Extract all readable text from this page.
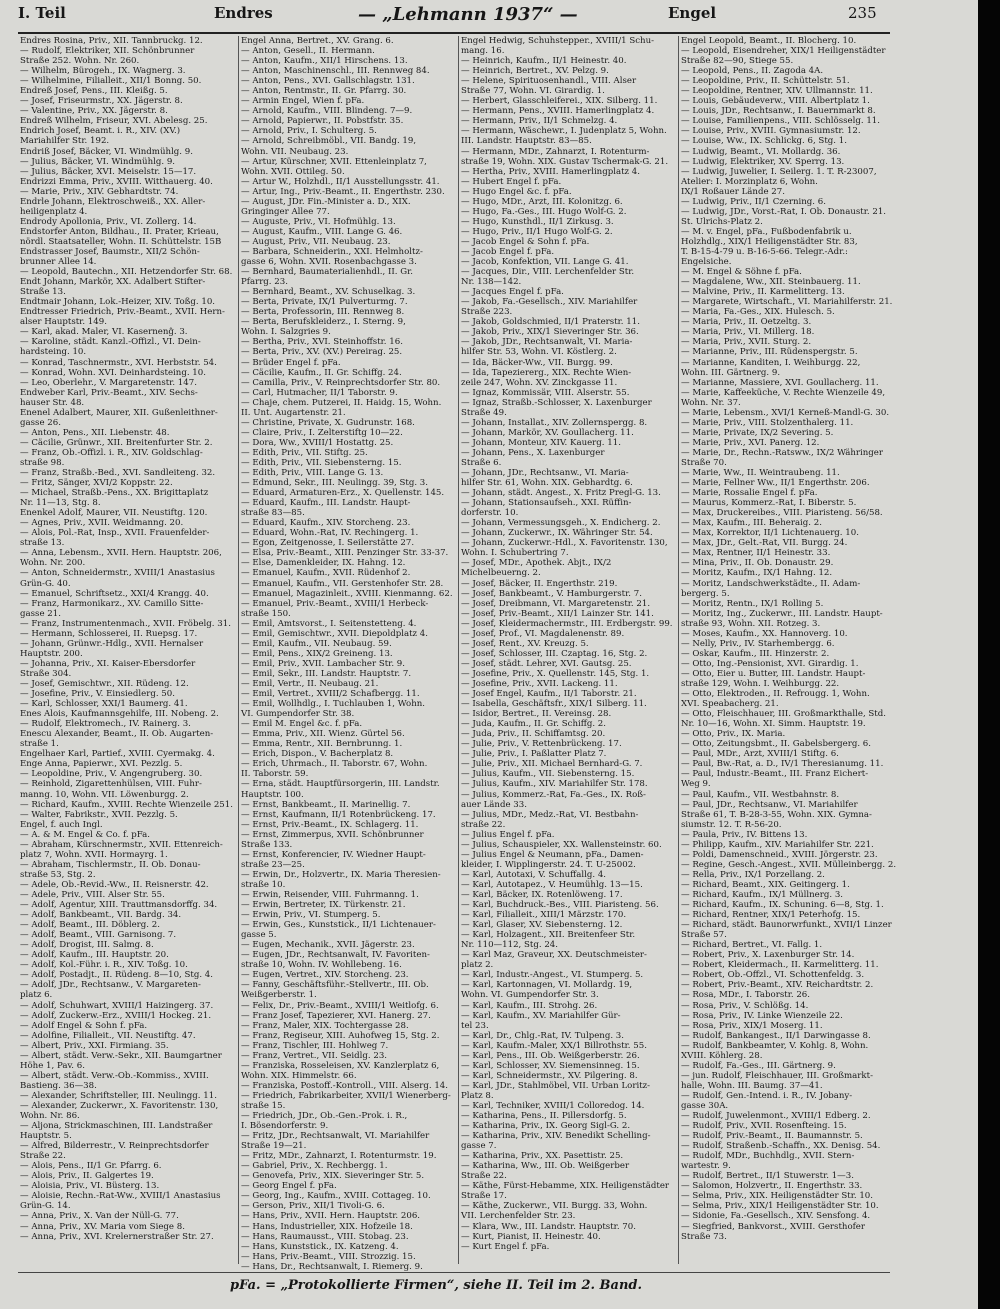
I. Teil	Endres	— „Lehmann 1937“ —	Engel	235
Endres Rosina, Priv., XII. Tannbruckg. 12.
— Rudolf, Elektriker, XII. Schönbrunner
Straße 252. Wohn. Nr. 260.
— Wilhelm, Bürogeh., IX. Wagnerg. 3.
— Wilhelmine, Filialleit., XII/1 Bonng. 50.
Endreß Josef, Pens., III. Kleißg. 5.
— Josef, Friseurmstr., XX. Jägerstr. 8.
— Valentine, Priv., XX. Jägerstr. 8.
Endreß Wilhelm, Friseur, XVI. Abelesg. 25.
Endrich Josef, Beamt. i. R., XIV. (XV.)
Mariahilfer Str. 192.
Endriß Josef, Bäcker, VI. Windmühlg. 9.
— Julius, Bäcker, VI. Windmühlg. 9.
— Julius, Bäcker, XVI. Meiselstr. 15—17.
Endrizzi Emma, Priv., XVIII. Witthauerg. 40.
— Marie, Priv., XIV. Gebhardtstr. 74.
Endrle Johann, Elektroschweiß., XX. Aller-
heiligenplatz 4.
Endrody Apollonia, Priv., VI. Zollerg. 14.
Endstorfer Anton, Bildhau., II. Prater, Krieau,
nördl. Staatsateller, Wohn. II. Schüttelstr. 15B
Endstrasser Josef, Baumstr., XII/2 Schön-
brunner Allee 14.
— Leopold, Bautechn., XII. Hetzendorfer Str. 68.
Endt Johann, Markör, XX. Adalbert Stifter-
Straße 13.
Endtmair Johann, Lok.-Heizer, XIV. Toßg. 10.
Endtresser Friedrich, Priv.-Beamt., XVII. Hern-
alser Hauptstr. 149.
— Karl, akad. Maler, VI. Kasernenĝ. 3.
— Karoline, städt. Kanzl.-Offizl., VI. Dein-
hardsteing. 10.
— Konrad, Taschnermstr., XVI. Herbststr. 54.
— Konrad, Wohn. XVI. Deinhardsteing. 10.
— Leo, Oberlehr., V. Margaretenstr. 147.
Endweber Karl, Priv.-Beamt., XIV. Sechs-
hauser Str. 48.
Enenel Adalbert, Maurer, XII. Gußenleithner-
gasse 26.
— Anton, Pens., XII. Liebenstr. 48.
— Cäcilie, Grünwr., XII. Breitenfurter Str. 2.
— Franz, Ob.-Offizl. i. R., XIV. Goldschlag-
straße 98.
— Franz, Straßb.-Bed., XVI. Sandleiteng. 32.
— Fritz, Sänger, XVI/2 Koppstr. 22.
— Michael, Straßb.-Pens., XX. Brigittaplatz
Nr. 11—13, Stg. 8.
Enenkel Adolf, Maurer, VII. Neustiftg. 120.
— Agnes, Priv., XVII. Weidmanng. 20.
— Alois, Pol.-Rat, Insp., XVII. Frauenfelder-
straße 13.
— Anna, Lebensm., XVII. Hern. Hauptstr. 206,
Wohn. Nr. 200.
— Anton, Schneidermstr., XVIII/1 Anastasius
Grün-G. 40.
— Emanuel, Schriftsetz., XXI/4 Krangg. 40.
— Franz, Harmonikarz., XV. Camillo Sitte-
gasse 21.
— Franz, Instrumentenmach., XVII. Fröbelg. 31.
— Hermann, Schlosserei, II. Ruepsg. 17.
— Johann, Grünwr.-Hdlg., XVII. Hernalser
Hauptstr. 200.
— Johanna, Priv., XI. Kaiser-Ebersdorfer
Straße 304.
— Josef, Gemischtwr., XII. Rüdeng. 12.
— Josefine, Priv., V. Einsiedlerg. 50.
— Karl, Schlosser, XXI/1 Baumerg. 41.
Enes Alois, Kaufmannsgehilfe, III. Nobeng. 2.
— Rudolf, Elektromech., IV. Rainerg. 3.
Enescu Alexander, Beamt., II. Ob. Augarten-
straße 1.
Engelhaer Karl, Partief., XVIII. Cyermakg. 4.
Enge Anna, Papierwr., XVI. Pezzlg. 5.
— Leopoldine, Priv., V. Angengruberg. 30.
— Reinhold, Zigarettenhülsen, VIII. Fuhr-
manng. 10, Wohn. VII. Löwenburgg. 2.
— Richard, Kaufm., XVIII. Rechte Wienzeile 251.
— Walter, Fabrikstr., XVII. Pezzlg. 5.
Engel, f. auch Ingl.
— A. & M. Engel & Co. f. pFa.
— Abraham, Kürschnermstr., XVII. Ettenreich-
platz 7, Wohn. XVII. Hormayrg. 1.
— Abraham, Tischlermstr., II. Ob. Donau-
straße 53, Stg. 2.
— Adele, Ob.-Revid.-Ww., II. Reisnerstr. 42.
— Adele, Priv., VIII. Alser Str. 55.
— Adolf, Agentur, XIII. Trauttmansdorffg. 34.
— Adolf, Bankbeamt., VII. Bardg. 34.
— Adolf, Beamt., III. Döblerg. 2.
— Adolf, Beamt., VIII. Garnisong. 7.
— Adolf, Drogist, III. Salmg. 8.
— Adolf, Kaufm., III. Hauptstr. 20.
— Adolf, Kol.-Führ. i. R., XIV. Toßg. 10.
— Adolf, Postadjt., II. Rüdeng. 8—10, Stg. 4.
— Adolf, JDr., Rechtsanw., V. Margareten-
platz 6.
— Adolf, Schuhwart, XVIII/1 Haizingerg. 37.
— Adolf, Zuckerw.-Erz., XVIII/1 Hockeg. 21.
— Adolf Engel & Sohn f. pFa.
— Adolfine, Filialleit., VII. Neustiftg. 47.
— Albert, Priv., XXI. Firmiang. 35.
— Albert, städt. Verw.-Sekr., XII. Baumgartner
Höhe 1, Pav. 6.
— Albert, städt. Verw.-Ob.-Kommiss., XVIII.
Bastieng. 36—38.
— Alexander, Schriftsteller, III. Neulingg. 11.
— Alexander, Zuckerwr., X. Favoritenstr. 130,
Wohn. Nr. 86.
— Aljona, Strickmaschinen, III. Landstraßer
Hauptstr. 5.
— Alfred, Bilderrestr., V. Reinprechtsdorfer
Straße 22.
— Alois, Pens., II/1 Gr. Pfarrg. 6.
— Alois, Priv., II. Galgertes 19.
— Aloisia, Priv., VI. Büsterg. 13.
— Aloisie, Rechn.-Rat-Ww., XVIII/1 Anastasius
Grün-G. 14.
— Anna, Priv., X. Van der Nüll-G. 77.
— Anna, Priv., XV. Maria vom Siege 8.
— Anna, Priv., XVI. Krelernerstraßer Str. 27.
Engel Anna, Bertret., XV. Grang. 6.
— Anton, Gesell., II. Hermann.
— Anton, Kaufm., XII/1 Hirschens. 13.
— Anton, Maschinenschl., III. Rennweg 84.
— Anton, Pens., XVI. Gallschlagstr. 131.
— Anton, Rentmstr., II. Gr. Pfarrg. 30.
— Armin Engel, Wien f. pFa.
— Arnold, Kaufm., VIII. Blindeng. 7—9.
— Arnold, Papierwr., II. Pobstfstr. 35.
— Arnold, Priv., I. Schulterg. 5.
— Arnold, Schreibmöbl., VII. Bandg. 19,
Wohn. VII. Neubaug. 23.
— Artur, Kürschner, XVII. Ettenleinplatz 7,
Wohn. XVII. Ottileg. 50.
— Artur W., Holzhdl., II/1 Ausstellungsstr. 41.
— Artur, Ing., Priv.-Beamt., II. Engerthstr. 230.
— August, JDr. Fin.-Minister a. D., XIX.
Gringinger Allee 77.
— Auguste, Priv., VI. Hofmühlg. 13.
— August, Kaufm., VIII. Lange G. 46.
— August, Priv., VII. Neubaug. 23.
— Barbara, Schneiderin., XXI. Helmholtz-
gasse 6, Wohn. XVII. Rosenbachgasse 3.
— Bernhard, Baumaterialienhdl., II. Gr.
Pfarrg. 23.
— Bernhard, Beamt., XV. Schuselkag. 3.
— Berta, Private, IX/1 Pulverturmg. 7.
— Berta, Professorin, III. Rennweg 8.
— Berta, Berufskleiderz., I. Sterng. 9,
Wohn. I. Salzgries 9.
— Bertha, Priv., XVI. Steinhoffstr. 16.
— Berta, Priv., XV. (XV.) Pereirag. 25.
— Brüder Engel f. pFa.
— Cäcilie, Kaufm., II. Gr. Schiffg. 24.
— Camilla, Priv., V. Reinprechtsdorfer Str. 80.
— Carl, Hutmacher, II/1 Taborstr. 9.
— Chaje, chem. Putzerei, II. Haidg. 15, Wohn.
II. Unt. Augartenstr. 21.
— Christine, Private, X. Gudrunstr. 168.
— Claire, Priv., I. Zelterstiftg 10—22.
— Dora, Ww., XVIII/1 Hostattg. 25.
— Edith, Priv., VII. Stiftg. 25.
— Edith, Priv., VII. Siebensterng. 15.
— Edith, Priv., VIII. Lange G. 13.
— Edmund, Sekr., III. Neulingg. 39, Stg. 3.
— Eduard, Armaturen-Erz., X. Quellenstr. 145.
— Eduard, Kaufm., III. Landstr. Haupt-
straße 83—85.
— Eduard, Kaufm., XIV. Storcheng. 23.
— Eduard, Wohn.-Rat, IV. Rechingerg. 1.
— Egon, Zeitgenosse, I. Seilerstätte 27.
— Elsa, Priv.-Beamt., XIII. Penzinger Str. 33-37.
— Else, Damenkleider, IX. Hahng. 12.
— Emanuel, Kaufm., XVII. Rüdenhof 2.
— Emanuel, Kaufm., VII. Gerstenhofer Str. 28.
— Emanuel, Magazinleit., XVIII. Kienmanng. 62.
— Emanuel, Priv.-Beamt., XVIII/1 Herbeck-
straße 150.
— Emil, Amtsvorst., I. Seitenstetteng. 4.
— Emil, Gemischtwr., XVII. Diepoldplatz 4.
— Emil, Kaufm., VII. Neubaug. 59.
— Emil, Pens., XIX/2 Greineng. 13.
— Emil, Priv., XVII. Lambacher Str. 9.
— Emil, Sekr., III. Landstr. Hauptstr. 7.
— Emil, Vertr., II. Neubaug. 21.
— Emil, Vertret., XVIII/2 Schafbergg. 11.
— Emil, Wollhdlg., I. Tuchlauben 1, Wohn.
VI. Gumpendorfer Str. 38.
— Emil M. Engel &c. f. pFa.
— Emma, Priv., XII. Wienz. Gürtel 56.
— Emma, Rentr., XII. Bernbrunng. 1.
— Erich, Dispon., V. Bacherplatz 8.
— Erich, Uhrmach., II. Taborstr. 67, Wohn.
II. Taborstr. 59.
— Erna, städt. Hauptfürsorgerin, III. Landstr.
Hauptstr. 100.
— Ernst, Bankbeamt., II. Marinellig. 7.
— Ernst, Kaufmann, II/1 Rotenbrückeng. 17.
— Ernst, Priv.-Beamt., IX. Schlagerg. 11.
— Ernst, Zimmerpus, XVII. Schönbrunner
Straße 133.
— Ernst, Konferencier, IV. Wiedner Haupt-
straße 23—25.
— Erwin, Dr., Holzvertr., IX. Maria Theresien-
straße 10.
— Erwin, Reisender, VIII. Fuhrmanng. 1.
— Erwin, Bertreter, IX. Türkenstr. 21.
— Erwin, Priv., VI. Stumperg. 5.
— Erwin, Ges., Kunststick., II/1 Lichtenauer-
gasse 5.
— Eugen, Mechanik., XVII. Jägerstr. 23.
— Eugen, JDr., Rechtsanwalt, IV. Favoriten-
straße 10, Wohn. IV. Wohllebeng. 16.
— Eugen, Vertret., XIV. Storcheng. 23.
— Fanny, Geschäftsführ.-Stellvertr., III. Ob.
Weißgerberstr. 1.
— Felix, Dr., Priv.-Beamt., XVIII/1 Weitlofg. 6.
— Franz Josef, Tapezierer, XVI. Hanerg. 27.
— Franz, Maler, XIX. Tochtergasse 28.
— Franz, Regiseur, XIII. Auhofweg 15, Stg. 2.
— Franz, Tischler, III. Hohlweg 7.
— Franz, Vertret., VII. Seidlg. 23.
— Franziska, Rosseleisen, XV. Kanzlerplatz 6,
Wohn. XIX. Himmelstr. 66.
— Franziska, Postoff.-Kontroll., VIII. Alserg. 14.
— Friedrich, Fabrikarbeiter, XVII/1 Wienerberg-
straße 15.
— Friedrich, JDr., Ob.-Gen.-Prok. i. R.,
I. Bösendorferstr. 9.
— Fritz, JDr., Rechtsanwalt, VI. Mariahilfer
Straße 19—21.
— Fritz, MDr., Zahnarzt, I. Rotenturmstr. 19.
— Gabriel, Priv., X. Rechbergg. 1.
— Genovefa, Priv., XIX. Sieveringer Str. 5.
— Georg Engel f. pFa.
— Georg, Ing., Kaufm., XVIII. Cottageg. 10.
— Gerson, Priv., XII/1 Tivoli-G. 6.
— Hans, Priv., XVII. Hern. Hauptstr. 206.
— Hans, Industrieller, XIX. Hofzeile 18.
— Hans, Raumausst., VIII. Stobag. 23.
— Hans, Kunststick., IX. Katzeng. 4.
— Hans, Priv.-Beamt., VIII. Strozzig. 15.
— Hans, Dr., Rechtsanwalt, I. Riemerg. 9.
Engel Hedwig, Schuhstepper., XVIII/1 Schu-
mang. 16.
— Heinrich, Kaufm., II/1 Heinestr. 40.
— Heinrich, Bertret., XV. Pelzg. 9.
— Helene, Spirituosenhandl., VIII. Alser
Straße 77, Wohn. VI. Girardig. 1.
— Herbert, Glasschleiferei., XIX. Silberg. 11.
— Hermann, Pens., XVIII. Hamerlingplatz 4.
— Hermann, Priv., II/1 Schmelzg. 4.
— Hermann, Wäschewr., I. Judenplatz 5, Wohn.
III. Landstr. Hauptstr. 83—85.
— Hermann, MDr., Zahnarzt, I. Rotenturm-
straße 19, Wohn. XIX. Gustav Tschermak-G. 21.
— Hertha, Priv., XVIII. Hamerlingplatz 4.
— Hubert Engel f. pFa.
— Hugo Engel &c. f. pFa.
— Hugo, MDr., Arzt, III. Kolonitzg. 6.
— Hugo, Fa.-Ges., III. Hugo Wolf-G. 2.
— Hugo, Kunsthdl., II/1 Zirkusg. 3.
— Hugo, Priv., II/1 Hugo Wolf-G. 2.
— Jacob Engel & Sohn f. pFa.
— Jacob Engel f. pFa.
— Jacob, Konfektion, VII. Lange G. 41.
— Jacques, Dir., VIII. Lerchenfelder Str.
Nr. 138—142.
— Jacques Engel f. pFa.
— Jakob, Fa.-Gesellsch., XIV. Mariahilfer
Straße 223.
— Jakob, Goldschmied, II/1 Praterstr. 11.
— Jakob, Priv., XIX/1 Sieveringer Str. 36.
— Jakob, JDr., Rechtsanwalt, VI. Maria-
hilfer Str. 53, Wohn. VI. Köstlerg. 2.
— Ida, Bäcker-Ww., VII. Burgg. 99.
— Ida, Tapeziererg., XIX. Rechte Wien-
zeile 247, Wohn. XV. Zinckgasse 11.
— Ignaz, Kommissär, VIII. Alserstr. 55.
— Ignaz, Straßb.-Schlosser, X. Laxenburger
Straße 49.
— Johann, Installat., XIV. Zollernspergg. 8.
— Johann, Markör, XV. Goullacherg. 11.
— Johann, Monteur, XIV. Kauerg. 11.
— Johann, Pens., X. Laxenburger
Straße 6.
— Johann, JDr., Rechtsanw., VI. Maria-
hilfer Str. 61, Wohn. XIX. Gebhardtg. 6.
— Johann, städt. Angest., X. Fritz Pregl-G. 13.
— Johann, Stationsaufseh., XXI. Rüffin-
dorferstr. 10.
— Johann, Vermessungsgeh., X. Endicherg. 2.
— Johann, Zuckerwr., IX. Währinger Str. 54.
— Johann, Zuckerwr.-Hdl., X. Favoritenstr. 130,
Wohn. I. Schubertring 7.
— Josef, MDr., Apothek. Abjt., IX/2
Michelbeuerng. 2.
— Josef, Bäcker, II. Engerthstr. 219.
— Josef, Bankbeamt., V. Hamburgerstr. 7.
— Josef, Dreibmann, VI. Margaretenstr. 21.
— Josef, Priv.-Beamt., XII/1 Lainzer Str. 141.
— Josef, Kleidermachermstr., III. Erdbergstr. 99.
— Josef, Prof., VI. Magdalenenstr. 89.
— Josef, Rent., XV. Kreuzg. 5.
— Josef, Schlosser, III. Czaptag. 16, Stg. 2.
— Josef, städt. Lehrer, XVI. Gautsg. 25.
— Josefine, Priv., X. Quellenstr. 145, Stg. 1.
— Josefine, Priv., XVII. Lackeng. 11.
— Josef Engel, Kaufm., II/1 Taborstr. 21.
— Isabella, Geschäftsfr., XIX/1 Silberg. 11.
— Isidor, Bertret., II. Vereinsg. 28.
— Juda, Kaufm., II. Gr. Schiffg. 2.
— Juda, Priv., II. Schiffamtsg. 20.
— Julie, Priv., V. Rettenbrückeng. 17.
— Julie, Priv., I. Paßlatter Platz 7.
— Julie, Priv., XII. Michael Bernhard-G. 7.
— Julius, Kaufm., VII. Siebensterng. 15.
— Julius, Kaufm., XIV. Mariahilfer Str. 178.
— Julius, Kommerz.-Rat, Fa.-Ges., IX. Roß-
auer Lände 33.
— Julius, MDr., Medz.-Rat, VI. Bestbahn-
straße 22.
— Julius Engel f. pFa.
— Julius, Schauspieler, XX. Wallensteinstr. 60.
— Julius Engel & Neumann, pFa., Damen-
kleider, I. Wipplingerstr. 24. T. U-25002.
— Karl, Autotaxi, V. Schuffallg. 4.
— Karl, Autotapez., V. Heumühlg. 13—15.
— Karl, Bäcker, IX. Rotenlöweng. 17.
— Karl, Buchdruck.-Bes., VIII. Piaristeng. 56.
— Karl, Filialleit., XIII/1 Märzstr. 170.
— Karl, Glaser, XV. Siebensterng. 12.
— Karl, Holzagent., XII. Breitenfeer Str.
Nr. 110—112, Stg. 24.
— Karl Maz, Graveur, XX. Deutschmeister-
platz 2.
— Karl, Industr.-Angest., VI. Stumperg. 5.
— Karl, Kartonnagen, VI. Mollardg. 19,
Wohn. VI. Gumpendorfer Str. 3.
— Karl, Kaufm., III. Strohg. 26.
— Karl, Kaufm., XV. Mariahilfer Gür-
tel 23.
— Karl, Dr., Chlg.-Rat, IV. Tulpeng. 3.
— Karl, Kaufm.-Maler, XX/1 Billrothstr. 55.
— Karl, Pens., III. Ob. Weißgerberstr. 26.
— Karl, Schlosser, XV. Siemensinneg. 15.
— Karl, Schneidermstr., XV. Pilgering. 8.
— Karl, JDr., Stahlmöbel, VII. Urban Loritz-
Platz 8.
— Karl, Techniker, XVIII/1 Colloredog. 14.
— Katharina, Pens., II. Pillersdorfg. 5.
— Katharina, Priv., IX. Georg Sigl-G. 2.
— Katharina, Priv., XIV. Benedikt Schelling-
gasse 7.
— Katharina, Priv., XX. Pasettistr. 25.
— Katharina, Ww., III. Ob. Weißgerber
Straße 22.
— Käthe, Fürst-Hebamme, XIX. Heiligenstädter
Straße 17.
— Käthe, Zuckerwr., VII. Burgg. 33, Wohn.
VII. Lerchenfelder Str. 23.
— Klara, Ww., III. Landstr. Hauptstr. 70.
— Kurt, Pianist, II. Heinestr. 40.
— Kurt Engel f. pFa.
Engel Leopold, Beamt., II. Blocherg. 10.
— Leopold, Eisendreher, XIX/1 Heiligenstädter
Straße 82—90, Stiege 55.
— Leopold, Pens., II. Zagoda 4A.
— Leopoldine, Priv., II. Schüttelstr. 51.
— Leopoldine, Rentner, XIV. Ullmannstr. 11.
— Louis, Gebäudeverw., VIII. Albertplatz 1.
— Louis, JDr., Rechtsanw., I. Bauernmarkt 8.
— Louise, Familienpens., VIII. Schlösselg. 11.
— Louise, Priv., XVIII. Gymnasiumstr. 12.
— Louise, Ww., IX. Schlickg. 6, Stg. 1.
— Ludwig, Beamt., VI. Mollardg. 36.
— Ludwig, Elektriker, XV. Sperrg. 13.
— Ludwig, Juwelier, I. Seilerg. 1. T. R-23007,
Atelier: I. Morzinplatz 6, Wohn.
IX/1 Roßauer Lände 27.
— Ludwig, Priv., II/1 Czerning. 6.
— Ludwig, JDr., Vorst.-Rat, I. Ob. Donaustr. 21.
St. Ulrichs-Platz 2.
— M. v. Engel, pFa., Fußbodenfabrik u.
Holzhdlg., XIX/1 Heiligenstädter Str. 83,
T. B-15-4-79 u. B-16-5-66. Telegr.-Adr.:
Engelsiche.
— M. Engel & Söhne f. pFa.
— Magdalene, Ww., XII. Steinbauerg. 11.
— Malvine, Priv., II. Karmelitterg. 13.
— Margarete, Wirtschaft., VI. Mariahilferstr. 21.
— Maria, Fa.-Ges., XIX. Hulesch. 5.
— Maria, Priv., II. Oetzeltg. 3.
— Maria, Priv., VI. Millerg. 18.
— Maria, Priv., XVII. Sturg. 2.
— Marianne, Priv., III. Rüdenspergstr. 5.
— Marianne, Kanditen, I. Weihburgg. 22,
Wohn. III. Gärtnerg. 9.
— Marianne, Massiere, XVI. Goullacherg. 11.
— Marie, Kaffeeküche, V. Rechte Wienzeile 49,
Wohn. Nr. 37.
— Marie, Lebensm., XVI/1 Kerneß-Mandl-G. 30.
— Marie, Priv., VIII. Stolzenthalerg. 11.
— Marie, Private, IX/2 Severing. 5.
— Marie, Priv., XVI. Panerg. 12.
— Marie, Dr., Rechn.-Ratsww., IX/2 Währinger
Straße 70.
— Marie, Ww., II. Weintraubeng. 11.
— Marie, Fellner Ww., II/1 Engerthstr. 206.
— Marie, Rossalie Engel f. pFa.
— Maurus, Kommerz.-Rat, I. Biberstr. 5.
— Max, Druckereibes., VIII. Piaristeng. 56/58.
— Max, Kaufm., III. Beheraig. 2.
— Max, Korrektor, II/1 Lichtenauerg. 10.
— Max, JDr., Gelt.-Rat, VII. Burgg. 24.
— Max, Rentner, II/1 Heinestr. 33.
— Mina, Priv., II. Ob. Donaustr. 29.
— Moritz, Kaufm., IX/1 Hahng. 12.
— Moritz, Landschwerkstädte., II. Adam-
bergerg. 5.
— Moritz, Rentn., IX/1 Rolling 5.
— Moritz, Ing., Zuckerwr., III. Landstr. Haupt-
straße 93, Wohn. XII. Rotzeg. 3.
— Moses, Kaufm., XX. Hannoverg. 10.
— Nelly, Priv., IV. Starhembergg. 6.
— Oskar, Kaufm., III. Hinzerstr. 2.
— Otto, Ing.-Pensionist, XVI. Girardig. 1.
— Otto, Eier u. Butter, III. Landstr. Haupt-
straße 129, Wohn. I. Weihburgg. 22.
— Otto, Elektroden., II. Refrougg. 1, Wohn.
XVI. Speabacherg. 21.
— Otto, Fleischhauer, III. Großmarkthalle, Std.
Nr. 10—16, Wohn. XI. Simm. Hauptstr. 19.
— Otto, Priv., IX. Maria.
— Otto, Zeitungsbmt., II. Gabelsbergerg. 6.
— Paul, MDr., Arzt, XVIII/1 Stiftg. 6.
— Paul, Bw.-Rat, a. D., IV/1 Theresianumg. 11.
— Paul, Industr.-Beamt., III. Franz Eichert-
Weg 9.
— Paul, Kaufm., VII. Westbahnstr. 8.
— Paul, JDr., Rechtsanw., VI. Mariahilfer
Straße 61, T. B-28-3-55, Wohn. XIX. Gymna-
siumstr. 12. T. R-56-20.
— Paula, Priv., IV. Bittens 13.
— Philipp, Kaufm., XIV. Mariahilfer Str. 221.
— Poldi, Damenschneid., XVIII. Jörgerstr. 23.
— Regine, Gesch.-Angest., XVII. Mülleinbergg. 2.
— Rella, Priv., IX/1 Porzellang. 2.
— Richard, Beamt., XIX. Geitingerg. 1.
— Richard, Kaufm., IX/1 Müllnerg. 3.
— Richard, Kaufm., IX. Schuning. 6—8, Stg. 1.
— Richard, Rentner, XIX/1 Peterhofg. 15.
— Richard, städt. Baunorwrfunkt., XVII/1 Linzer
Straße 57.
— Richard, Bertret., VI. Fallg. 1.
— Robert, Priv., X. Laxenburger Str. 14.
— Robert, Kleidermach., II. Karmelitterg. 11.
— Robert, Ob.-Offzl., VI. Schottenfeldg. 3.
— Robert, Priv.-Beamt., XIV. Reichardtstr. 2.
— Rosa, MDr., I. Taborstr. 26.
— Rosa, Priv., V. Schlößg. 14.
— Rosa, Priv., IV. Linke Wienzeile 22.
— Rosa, Priv., XIX/1 Moserg. 11.
— Rudolf, Bankangest., II/1 Darwingasse 8.
— Rudolf, Bankbeamter, V. Kohlg. 8, Wohn.
XVIII. Köhlerg. 28.
— Rudolf, Fa.-Ges., III. Gärtnerg. 9.
— jun. Rudolf, Fleischhauer, III. Großmarkt-
halle, Wohn. III. Baumg. 37—41.
— Rudolf, Gen.-Intend. i. R., IV. Jobany-
gasse 30A.
— Rudolf, Juwelenmont., XVIII/1 Edberg. 2.
— Rudolf, Priv., XVII. Rosenfteing. 15.
— Rudolf, Priv.-Beamt., II. Baumannstr. 5.
— Rudolf, Straßenb.-Schaffn., XX. Denisg. 54.
— Rudolf, MDr., Buchhdlg., XVII. Stern-
wartestr. 9.
— Rudolf, Bertret., II/1 Stuwerstr. 1—3.
— Salomon, Holzvertr., II. Engerthstr. 33.
— Selma, Priv., XIX. Heiligenstädter Str. 10.
— Selma, Priv., XIX/1 Heiligenstädter Str. 10.
— Sidonie, Fa.-Gesellsch., XIV. Sensfong. 4.
— Siegfried, Bankvorst., XVIII. Gersthofer
Straße 73.
pFa. = „Protokollierte Firmen“, siehe II. Teil im 2. Band.
